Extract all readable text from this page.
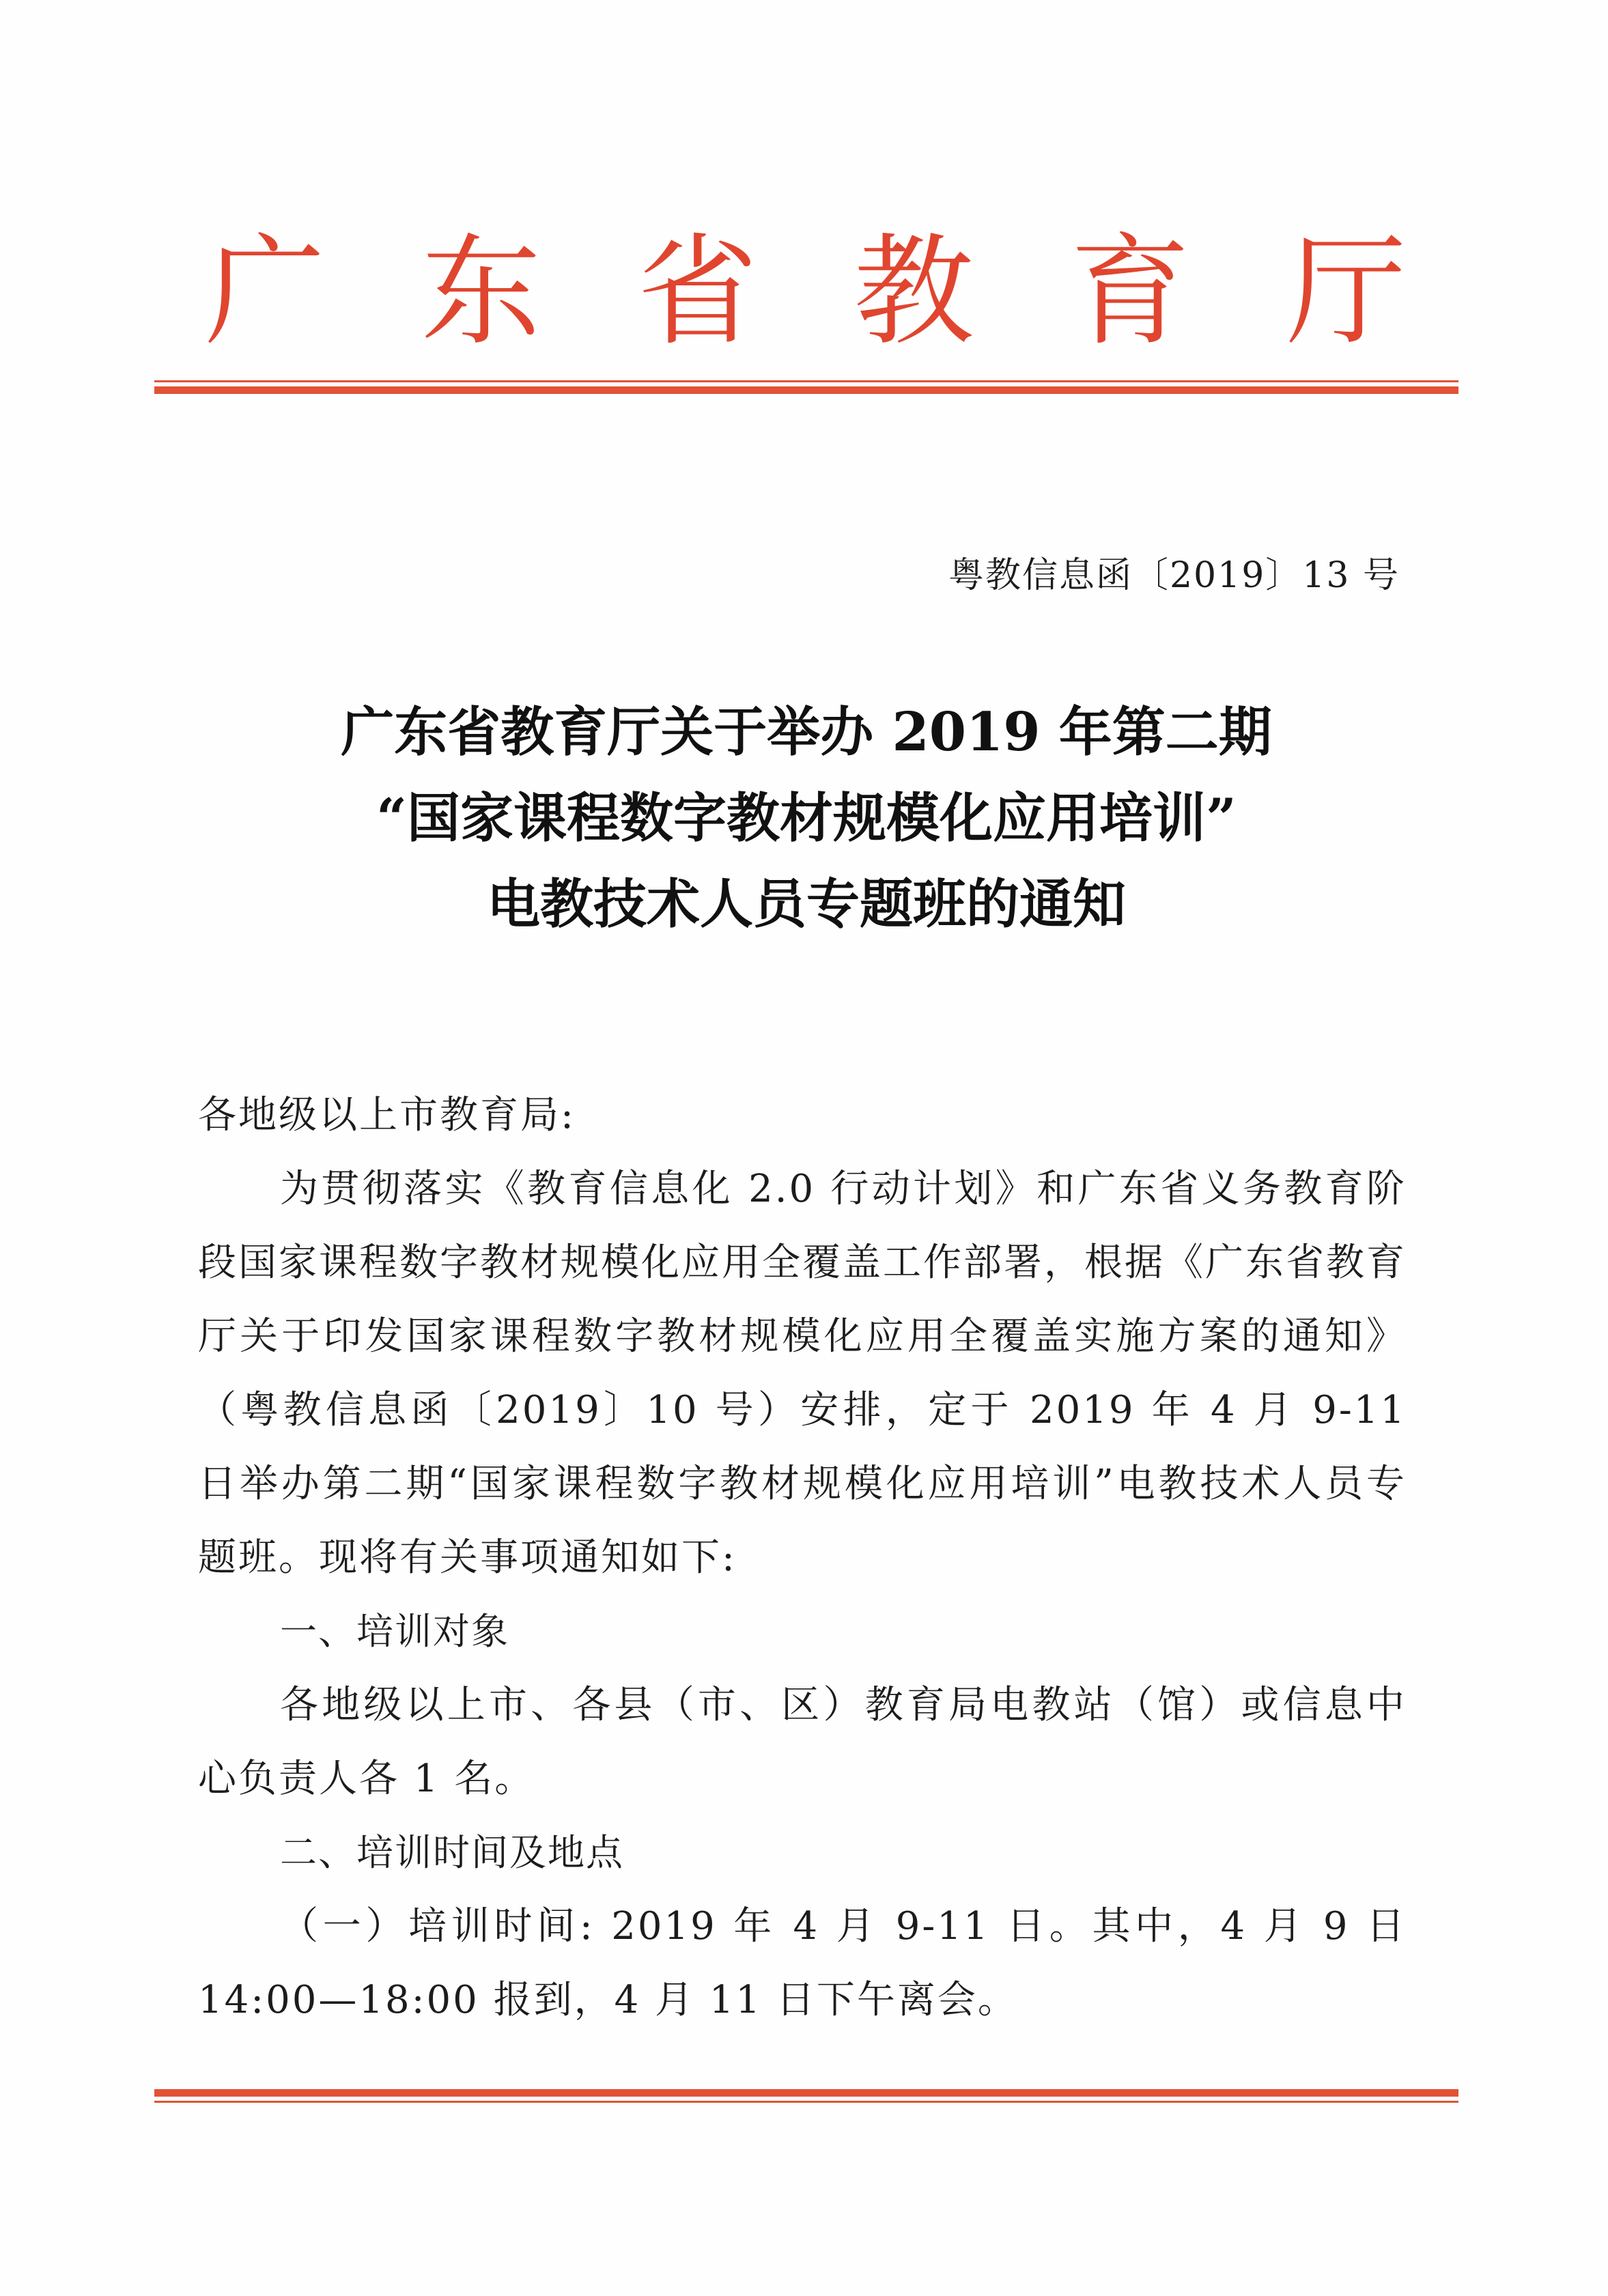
广 东 省 教 育 厅
粤教信息函〔2019〕13 号
广东省教育厅关于举办 2019 年第二期
“国家课程数字教材规模化应用培训”
电教技术人员专题班的通知

各地级以上市教育局:

为贯彻落实《教育信息化 2.0 行动计划》和广东省义务教育阶段国家课程数字教材规模化应用全覆盖工作部署，根据《广东省教育厅关于印发国家课程数字教材规模化应用全覆盖实施方案的通知》（粤教信息函〔2019〕10 号）安排，定于 2019 年 4 月 9-11 日举办第二期“国家课程数字教材规模化应用培训”电教技术人员专题班。现将有关事项通知如下:

一、培训对象

各地级以上市、各县（市、区）教育局电教站（馆）或信息中心负责人各 1 名。

二、培训时间及地点

（一）培训时间: 2019 年 4 月 9-11 日。其中，4 月 9 日 14:00—18:00 报到，4 月 11 日下午离会。
